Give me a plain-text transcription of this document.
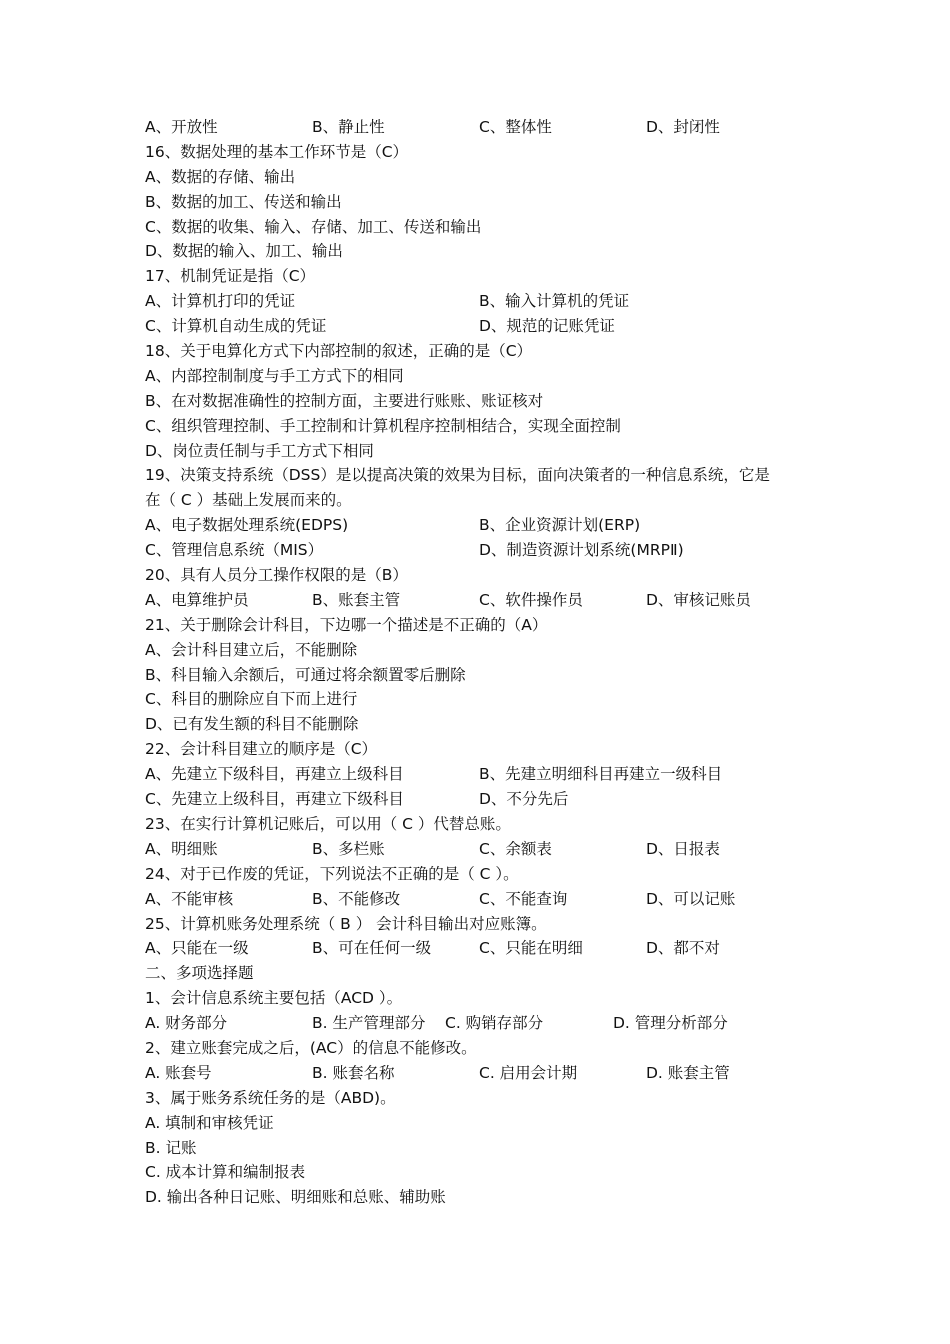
A、开放性	B、静止性	C、整体性	D、封闭性
16、数据处理的基本工作环节是（C）
A、数据的存储、输出
B、数据的加工、传送和输出
C、数据的收集、输入、存储、加工、传送和输出
D、数据的输入、加工、输出
17、机制凭证是指（C）
A、计算机打印的凭证	B、输入计算机的凭证
C、计算机自动生成的凭证	D、规范的记账凭证
18、关于电算化方式下内部控制的叙述，正确的是（C）
A、内部控制制度与手工方式下的相同
B、在对数据准确性的控制方面，主要进行账账、账证核对
C、组织管理控制、手工控制和计算机程序控制相结合，实现全面控制
D、岗位责任制与手工方式下相同
19、决策支持系统（DSS）是以提高决策的效果为目标，面向决策者的一种信息系统，它是
在（ C ）基础上发展而来的。
A、电子数据处理系统(EDPS)	B、企业资源计划(ERP)
C、管理信息系统（MIS）	D、制造资源计划系统(MRPⅡ)
20、具有人员分工操作权限的是（B）
A、电算维护员	B、账套主管	C、软件操作员	D、审核记账员
21、关于删除会计科目，下边哪一个描述是不正确的（A）
A、会计科目建立后，不能删除
B、科目输入余额后，可通过将余额置零后删除
C、科目的删除应自下而上进行
D、已有发生额的科目不能删除
22、会计科目建立的顺序是（C）
A、先建立下级科目，再建立上级科目	B、先建立明细科目再建立一级科目
C、先建立上级科目，再建立下级科目	D、不分先后
23、在实行计算机记账后，可以用（ C ）代替总账。
A、明细账	B、多栏账	C、余额表	D、日报表
24、对于已作废的凭证，下列说法不正确的是（ C ）。
A、不能审核	B、不能修改	C、不能查询	D、可以记账
25、计算机账务处理系统（ B ） 会计科目输出对应账簿。
A、只能在一级	B、可在任何一级	C、只能在明细	D、都不对
二、多项选择题
1、会计信息系统主要包括（ACD ）。
A. 财务部分	B. 生产管理部分 C. 购销存部分	D. 管理分析部分
2、建立账套完成之后，(AC）的信息不能修改。
A. 账套号	B. 账套名称	C. 启用会计期	D. 账套主管
3、属于账务系统任务的是（ABD)。
A. 填制和审核凭证
B. 记账
C. 成本计算和编制报表
D. 输出各种日记账、明细账和总账、辅助账
